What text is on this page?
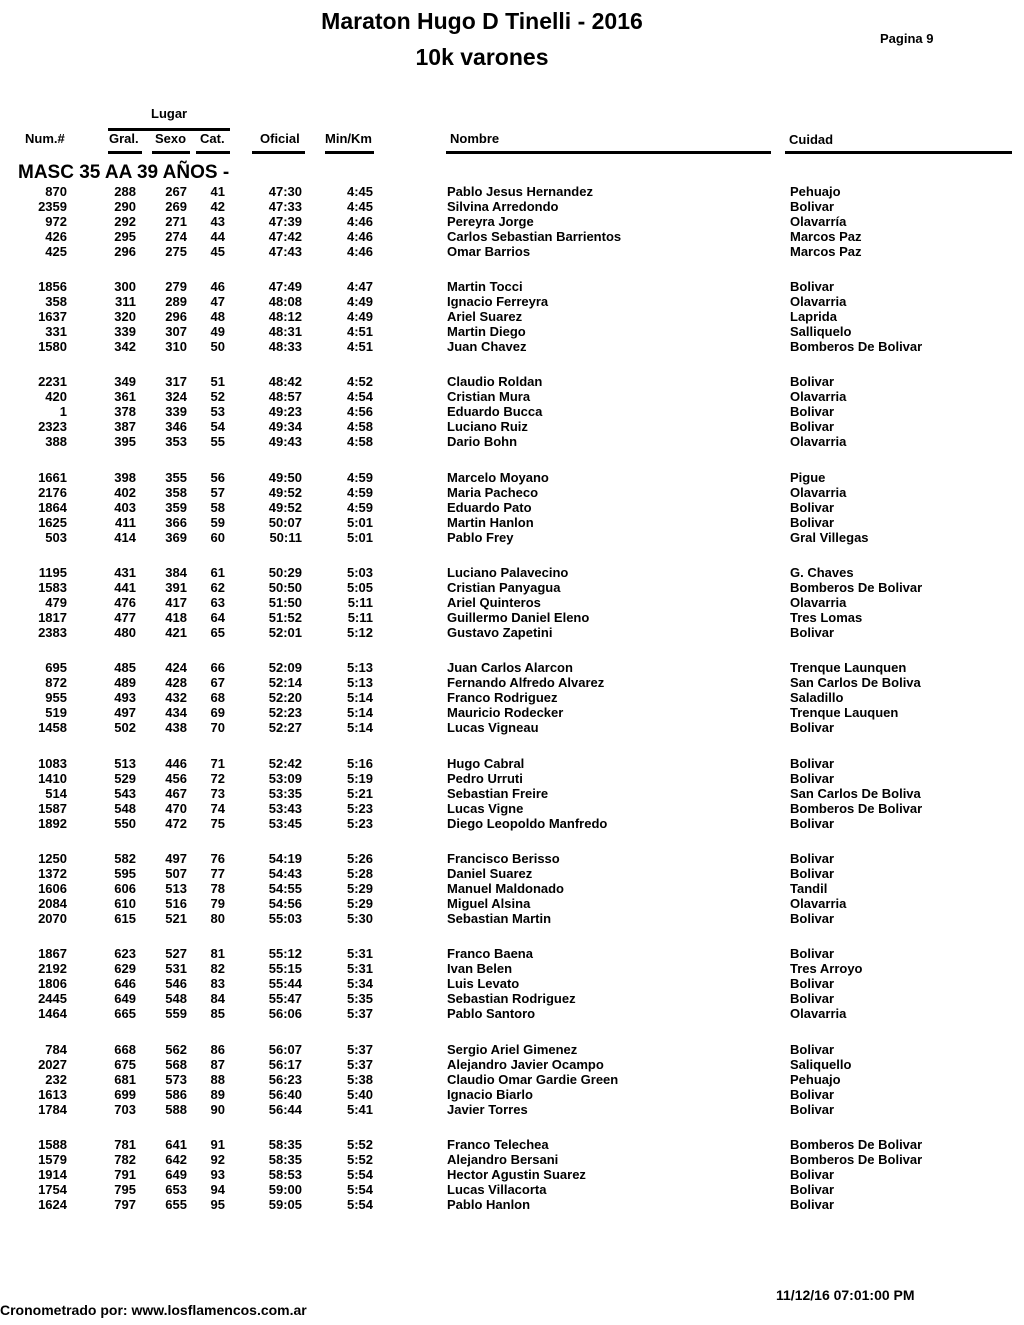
Maraton Hugo D Tinelli - 2016
10k varones
Pagina 9
Lugar
Num.#	Gral. Sexo Cat.	Oficial Min/Km	Nombre	Cuidad
MASC 35 AA 39 AÑOS -
870	288 267 41	47:30	4:45	Pablo Jesus Hernandez	Pehuajo
2359	290 269 42	47:33	4:45	Silvina Arredondo	Bolivar
972	292 271 43	47:39	4:46	Pereyra Jorge	Olavarría
426	295 274 44	47:42	4:46	Carlos Sebastian Barrientos	Marcos Paz
425	296 275 45	47:43	4:46	Omar Barrios	Marcos Paz
1856	300 279 46	47:49	4:47	Martin Tocci	Bolivar
358	311 289 47	48:08	4:49	Ignacio Ferreyra	Olavarria
1637	320 296 48	48:12	4:49	Ariel Suarez	Laprida
331	339 307 49	48:31	4:51	Martin Diego	Salliquelo
1580	342 310 50	48:33	4:51	Juan Chavez	Bomberos De Bolivar
2231	349 317 51	48:42	4:52	Claudio Roldan	Bolivar
420	361 324 52	48:57	4:54	Cristian Mura	Olavarria
1	378 339 53	49:23	4:56	Eduardo Bucca	Bolivar
2323	387 346 54	49:34	4:58	Luciano Ruiz	Bolivar
388	395 353 55	49:43	4:58	Dario Bohn	Olavarria
1661	398 355 56	49:50	4:59	Marcelo Moyano	Pigue
2176	402 358 57	49:52	4:59	Maria Pacheco	Olavarria
1864	403 359 58	49:52	4:59	Eduardo Pato	Bolivar
1625	411 366 59	50:07	5:01	Martin Hanlon	Bolivar
503	414 369 60	50:11	5:01	Pablo Frey	Gral Villegas
1195	431 384 61	50:29	5:03	Luciano Palavecino	G. Chaves
1583	441 391 62	50:50	5:05	Cristian Panyagua	Bomberos De Bolivar
479	476 417 63	51:50	5:11	Ariel Quinteros	Olavarria
1817	477 418 64	51:52	5:11	Guillermo Daniel Eleno	Tres Lomas
2383	480 421 65	52:01	5:12	Gustavo Zapetini	Bolivar
695	485 424 66	52:09	5:13	Juan Carlos Alarcon	Trenque Launquen
872	489 428 67	52:14	5:13	Fernando Alfredo Alvarez	San Carlos De Boliva
955	493 432 68	52:20	5:14	Franco Rodriguez	Saladillo
519	497 434 69	52:23	5:14	Mauricio Rodecker	Trenque Lauquen
1458	502 438 70	52:27	5:14	Lucas Vigneau	Bolivar
1083	513 446 71	52:42	5:16	Hugo Cabral	Bolivar
1410	529 456 72	53:09	5:19	Pedro Urruti	Bolivar
514	543 467 73	53:35	5:21	Sebastian Freire	San Carlos De Boliva
1587	548 470 74	53:43	5:23	Lucas Vigne	Bomberos De Bolivar
1892	550 472 75	53:45	5:23	Diego Leopoldo Manfredo	Bolivar
1250	582 497 76	54:19	5:26	Francisco Berisso	Bolivar
1372	595 507 77	54:43	5:28	Daniel Suarez	Bolivar
1606	606 513 78	54:55	5:29	Manuel Maldonado	Tandil
2084	610 516 79	54:56	5:29	Miguel Alsina	Olavarria
2070	615 521 80	55:03	5:30	Sebastian Martin	Bolivar
1867	623 527 81	55:12	5:31	Franco Baena	Bolivar
2192	629 531 82	55:15	5:31	Ivan Belen	Tres Arroyo
1806	646 546 83	55:44	5:34	Luis Levato	Bolivar
2445	649 548 84	55:47	5:35	Sebastian Rodriguez	Bolivar
1464	665 559 85	56:06	5:37	Pablo Santoro	Olavarria
784	668 562 86	56:07	5:37	Sergio Ariel Gimenez	Bolivar
2027	675 568 87	56:17	5:37	Alejandro Javier Ocampo	Saliquello
232	681 573 88	56:23	5:38	Claudio Omar Gardie Green	Pehuajo
1613	699 586 89	56:40	5:40	Ignacio Biarlo	Bolivar
1784	703 588 90	56:44	5:41	Javier Torres	Bolivar
1588	781 641 91	58:35	5:52	Franco Telechea	Bomberos De Bolivar
1579	782 642 92	58:35	5:52	Alejandro Bersani	Bomberos De Bolivar
1914	791 649 93	58:53	5:54	Hector Agustin Suarez	Bolivar
1754	795 653 94	59:00	5:54	Lucas Villacorta	Bolivar
1624	797 655 95	59:05	5:54	Pablo Hanlon	Bolivar
11/12/16 07:01:00 PM
Cronometrado por: www.losflamencos.com.ar
